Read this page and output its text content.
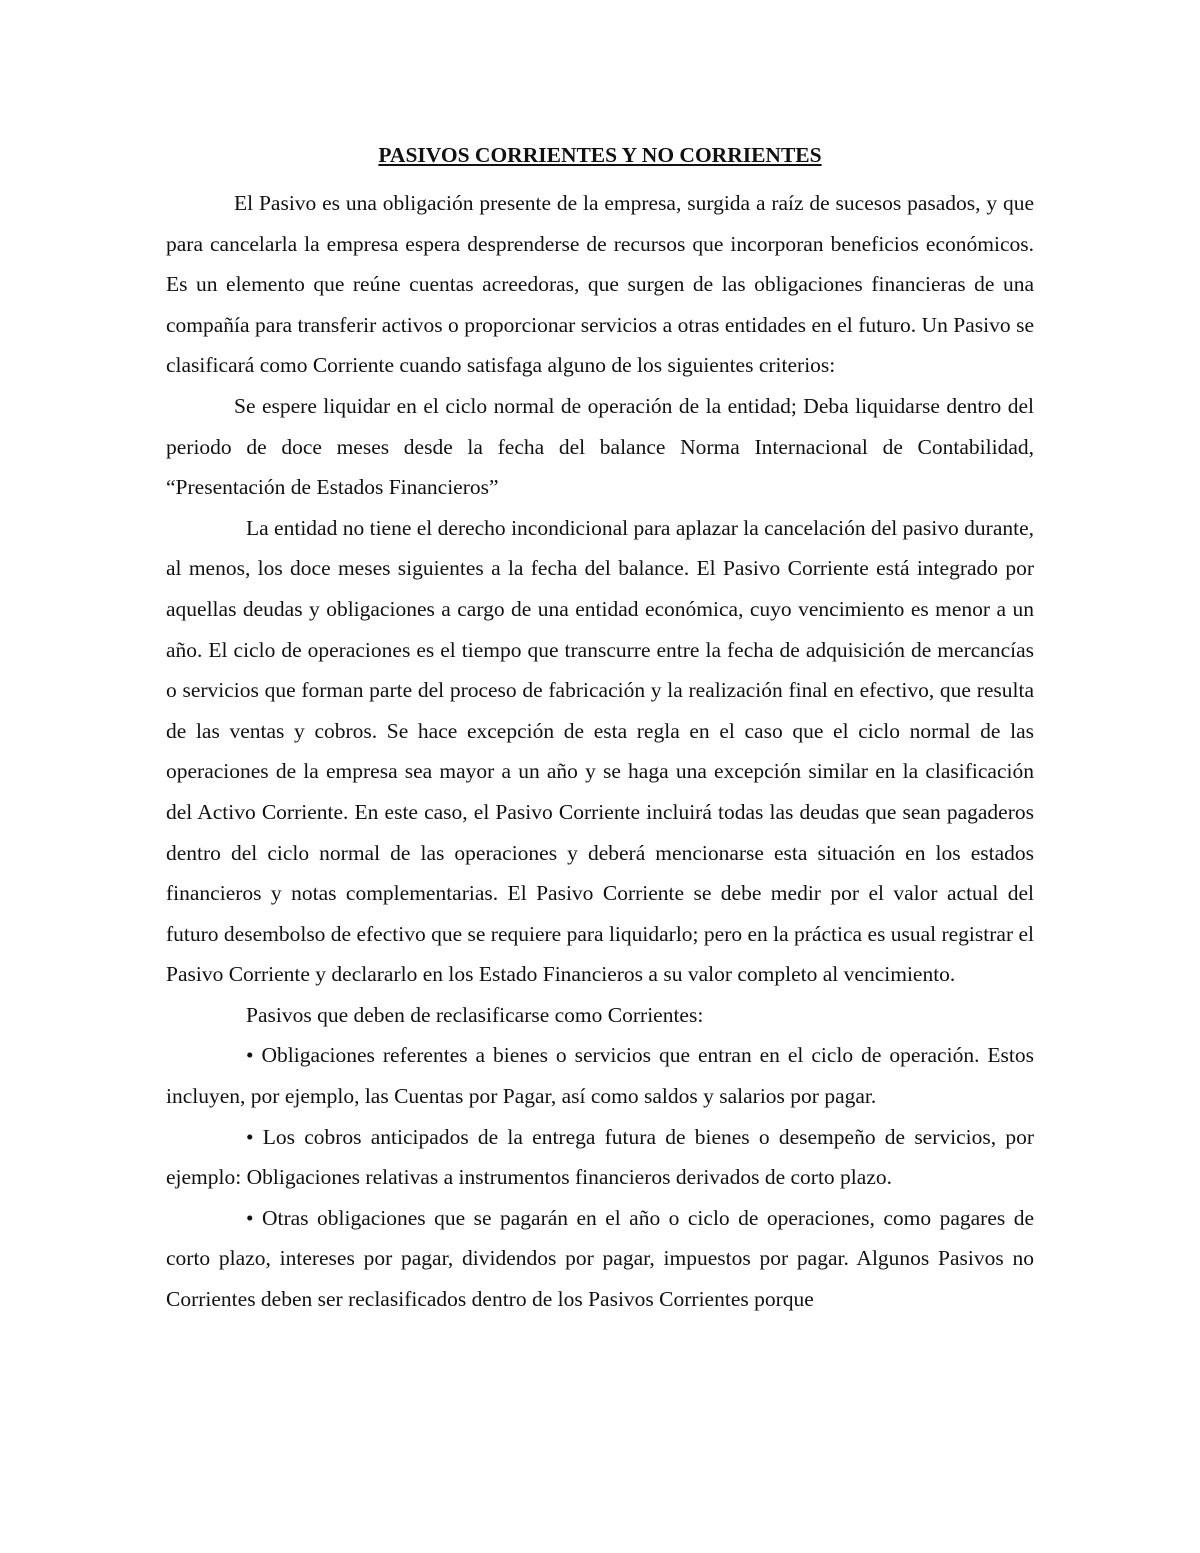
PASIVOS CORRIENTES Y NO CORRIENTES

El Pasivo es una obligación presente de la empresa, surgida a raíz de sucesos pasados, y que para cancelarla la empresa espera desprenderse de recursos que incorporan beneficios económicos. Es un elemento que reúne cuentas acreedoras, que surgen de las obligaciones financieras de una compañía para transferir activos o proporcionar servicios a otras entidades en el futuro. Un Pasivo se clasificará como Corriente cuando satisfaga alguno de los siguientes criterios:

Se espere liquidar en el ciclo normal de operación de la entidad; Deba liquidarse dentro del periodo de doce meses desde la fecha del balance Norma Internacional de Contabilidad, “Presentación de Estados Financieros”

La entidad no tiene el derecho incondicional para aplazar la cancelación del pasivo durante, al menos, los doce meses siguientes a la fecha del balance. El Pasivo Corriente está integrado por aquellas deudas y obligaciones a cargo de una entidad económica, cuyo vencimiento es menor a un año. El ciclo de operaciones es el tiempo que transcurre entre la fecha de adquisición de mercancías o servicios que forman parte del proceso de fabricación y la realización final en efectivo, que resulta de las ventas y cobros. Se hace excepción de esta regla en el caso que el ciclo normal de las operaciones de la empresa sea mayor a un año y se haga una excepción similar en la clasificación del Activo Corriente. En este caso, el Pasivo Corriente incluirá todas las deudas que sean pagaderos dentro del ciclo normal de las operaciones y deberá mencionarse esta situación en los estados financieros y notas complementarias. El Pasivo Corriente se debe medir por el valor actual del futuro desembolso de efectivo que se requiere para liquidarlo; pero en la práctica es usual registrar el Pasivo Corriente y declararlo en los Estado Financieros a su valor completo al vencimiento.

Pasivos que deben de reclasificarse como Corrientes:

• Obligaciones referentes a bienes o servicios que entran en el ciclo de operación. Estos incluyen, por ejemplo, las Cuentas por Pagar, así como saldos y salarios por pagar.

• Los cobros anticipados de la entrega futura de bienes o desempeño de servicios, por ejemplo: Obligaciones relativas a instrumentos financieros derivados de corto plazo.

• Otras obligaciones que se pagarán en el año o ciclo de operaciones, como pagares de corto plazo, intereses por pagar, dividendos por pagar, impuestos por pagar. Algunos Pasivos no Corrientes deben ser reclasificados dentro de los Pasivos Corrientes porque
